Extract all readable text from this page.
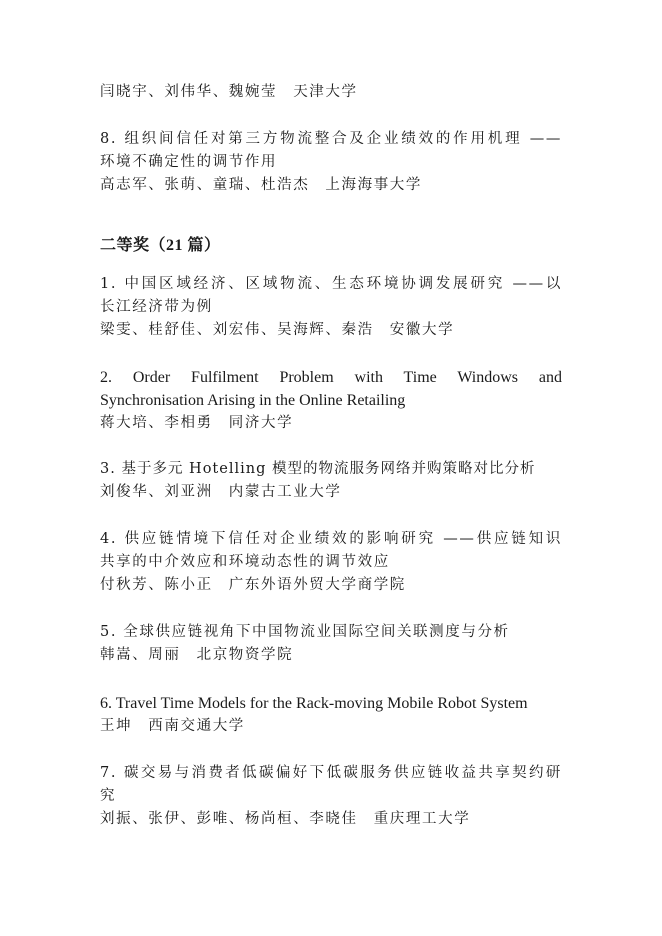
闫晓宇、刘伟华、魏婉莹　天津大学
8. 组织间信任对第三方物流整合及企业绩效的作用机理 ——
环境不确定性的调节作用
高志军、张萌、童瑞、杜浩杰　上海海事大学
二等奖（21 篇）
1. 中国区域经济、区域物流、生态环境协调发展研究 ——以
长江经济带为例
梁雯、桂舒佳、刘宏伟、吴海辉、秦浩　安徽大学
2. Order Fulfilment Problem with Time Windows and
Synchronisation Arising in the Online Retailing
蒋大培、李相勇　同济大学
3. 基于多元 Hotelling 模型的物流服务网络并购策略对比分析
刘俊华、刘亚洲　内蒙古工业大学
4. 供应链情境下信任对企业绩效的影响研究 ——供应链知识
共享的中介效应和环境动态性的调节效应
付秋芳、陈小正　广东外语外贸大学商学院
5. 全球供应链视角下中国物流业国际空间关联测度与分析
韩嵩、周丽　北京物资学院
6. Travel Time Models for the Rack-moving Mobile Robot System
王坤　西南交通大学
7. 碳交易与消费者低碳偏好下低碳服务供应链收益共享契约研
究
刘振、张伊、彭唯、杨尚桓、李晓佳　重庆理工大学
